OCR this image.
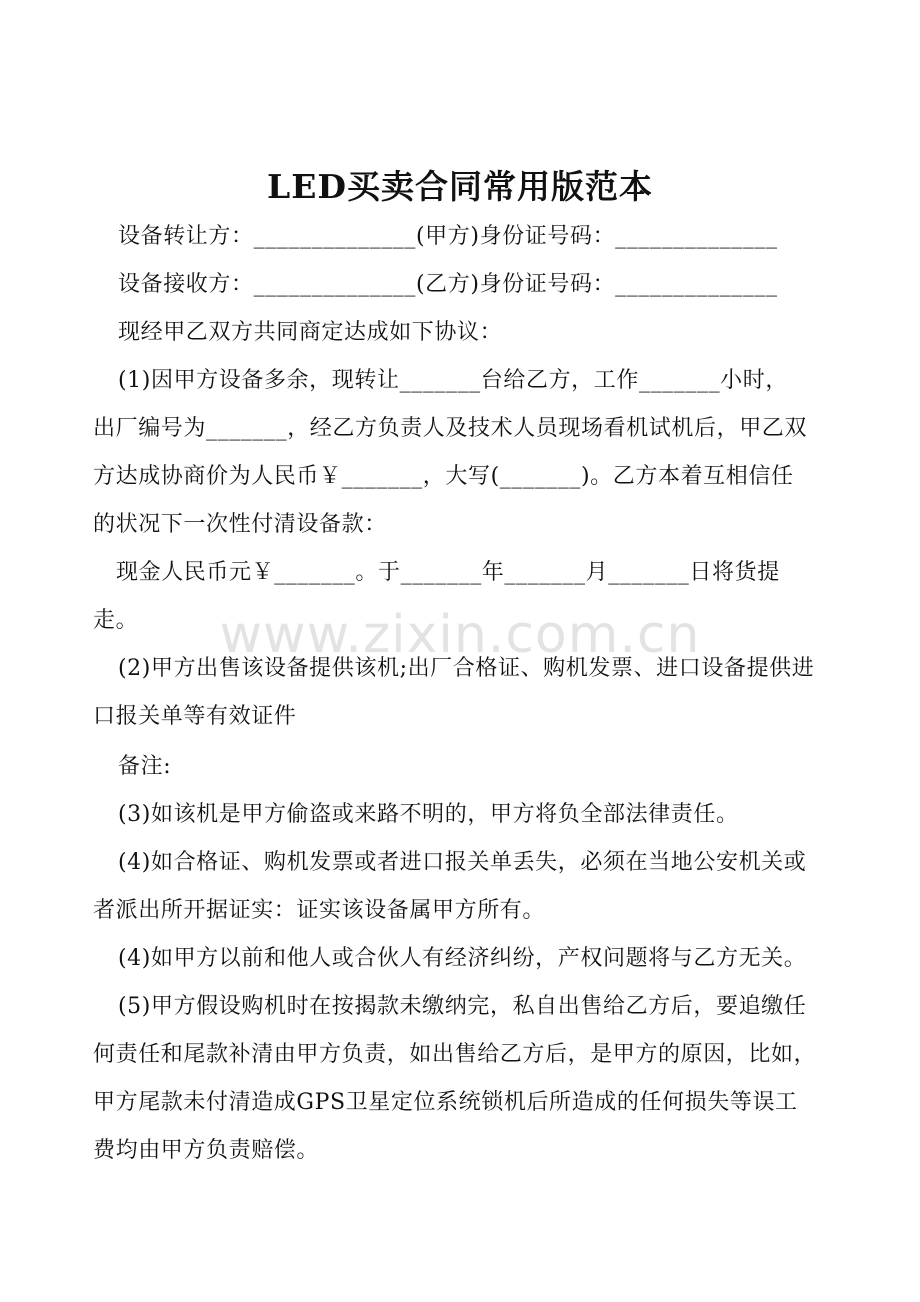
www.zixin.com.cn
LED买卖合同常用版范本
设备转让方：______________(甲方)身份证号码：______________
设备接收方：______________(乙方)身份证号码：______________
现经甲乙双方共同商定达成如下协议：
(1)因甲方设备多余，现转让_______台给乙方，工作_______小时，
出厂编号为_______，经乙方负责人及技术人员现场看机试机后，甲乙双
方达成协商价为人民币￥_______，大写(_______)。乙方本着互相信任
的状况下一次性付清设备款：
现金人民币元￥_______。于_______年_______月_______日将货提
走。
(2)甲方出售该设备提供该机;出厂合格证、购机发票、进口设备提供进
口报关单等有效证件
备注:
(3)如该机是甲方偷盗或来路不明的，甲方将负全部法律责任。
(4)如合格证、购机发票或者进口报关单丢失，必须在当地公安机关或
者派出所开据证实：证实该设备属甲方所有。
(4)如甲方以前和他人或合伙人有经济纠纷，产权问题将与乙方无关。
(5)甲方假设购机时在按揭款未缴纳完，私自出售给乙方后，要追缴任
何责任和尾款补清由甲方负责，如出售给乙方后，是甲方的原因，比如，
甲方尾款未付清造成GPS卫星定位系统锁机后所造成的任何损失等误工
费均由甲方负责赔偿。
